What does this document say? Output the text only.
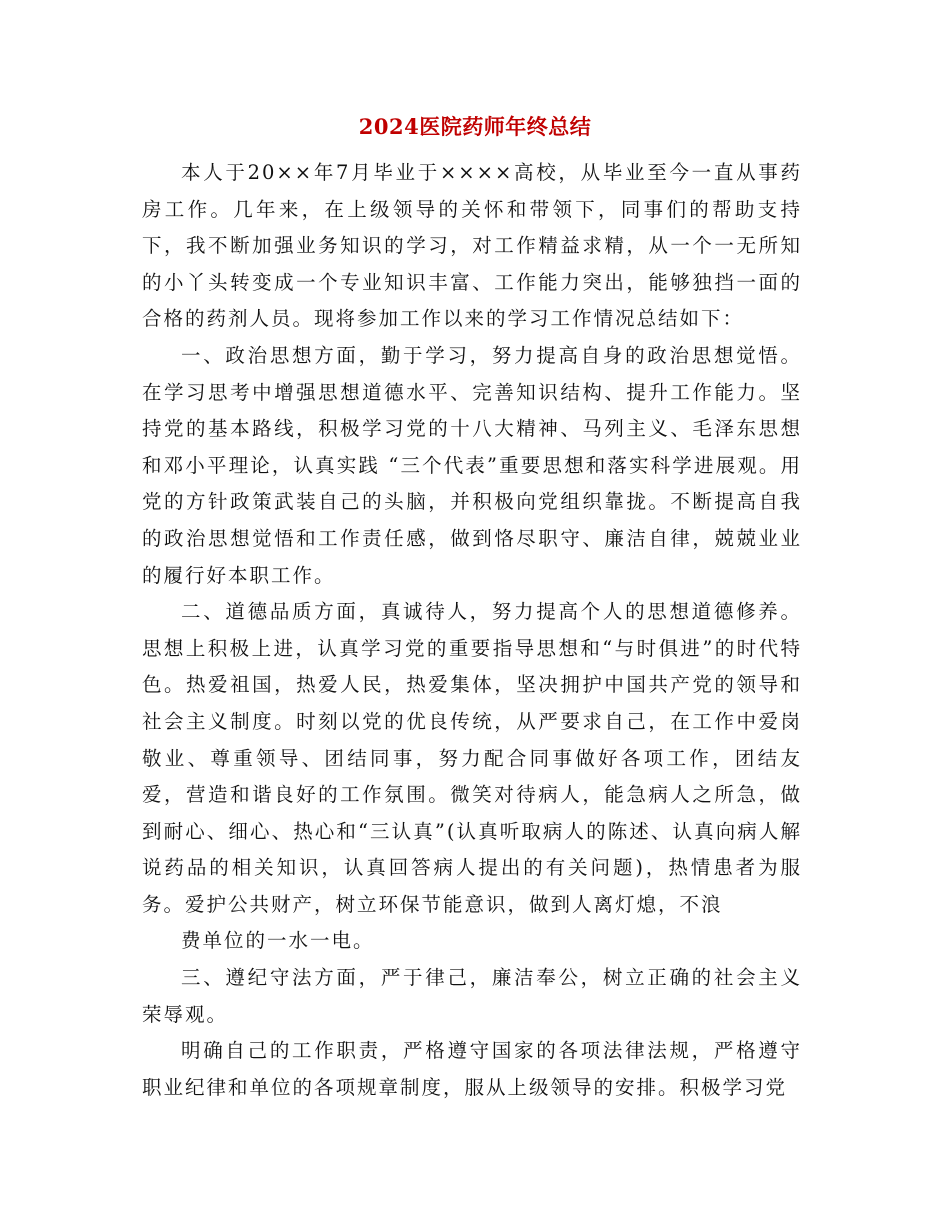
2024医院药师年终总结

本人于20××年7月毕业于××××高校，从毕业至今一直从事药房工作。几年来，在上级领导的关怀和带领下，同事们的帮助支持下，我不断加强业务知识的学习，对工作精益求精，从一个一无所知的小丫头转变成一个专业知识丰富、工作能力突出，能够独挡一面的合格的药剂人员。现将参加工作以来的学习工作情况总结如下：

一、政治思想方面，勤于学习，努力提高自身的政治思想觉悟。在学习思考中增强思想道德水平、完善知识结构、提升工作能力。坚持党的基本路线，积极学习党的十八大精神、马列主义、毛泽东思想和邓小平理论，认真实践 “三个代表”重要思想和落实科学进展观。用党的方针政策武装自己的头脑，并积极向党组织靠拢。不断提高自我的政治思想觉悟和工作责任感，做到恪尽职守、廉洁自律，兢兢业业的履行好本职工作。

二、道德品质方面，真诚待人，努力提高个人的思想道德修养。思想上积极上进，认真学习党的重要指导思想和“与时俱进”的时代特色。热爱祖国，热爱人民，热爱集体，坚决拥护中国共产党的领导和社会主义制度。时刻以党的优良传统，从严要求自己，在工作中爱岗敬业、尊重领导、团结同事，努力配合同事做好各项工作，团结友爱，营造和谐良好的工作氛围。微笑对待病人，能急病人之所急，做到耐心、细心、热心和“三认真”(认真听取病人的陈述、认真向病人解说药品的相关知识，认真回答病人提出的有关问题)，热情患者为服务。爱护公共财产，树立环保节能意识，做到人离灯熄，不浪

费单位的一水一电。

三、遵纪守法方面，严于律己，廉洁奉公，树立正确的社会主义荣辱观。

明确自己的工作职责，严格遵守国家的各项法律法规，严格遵守职业纪律和单位的各项规章制度，服从上级领导的安排。积极学习党
